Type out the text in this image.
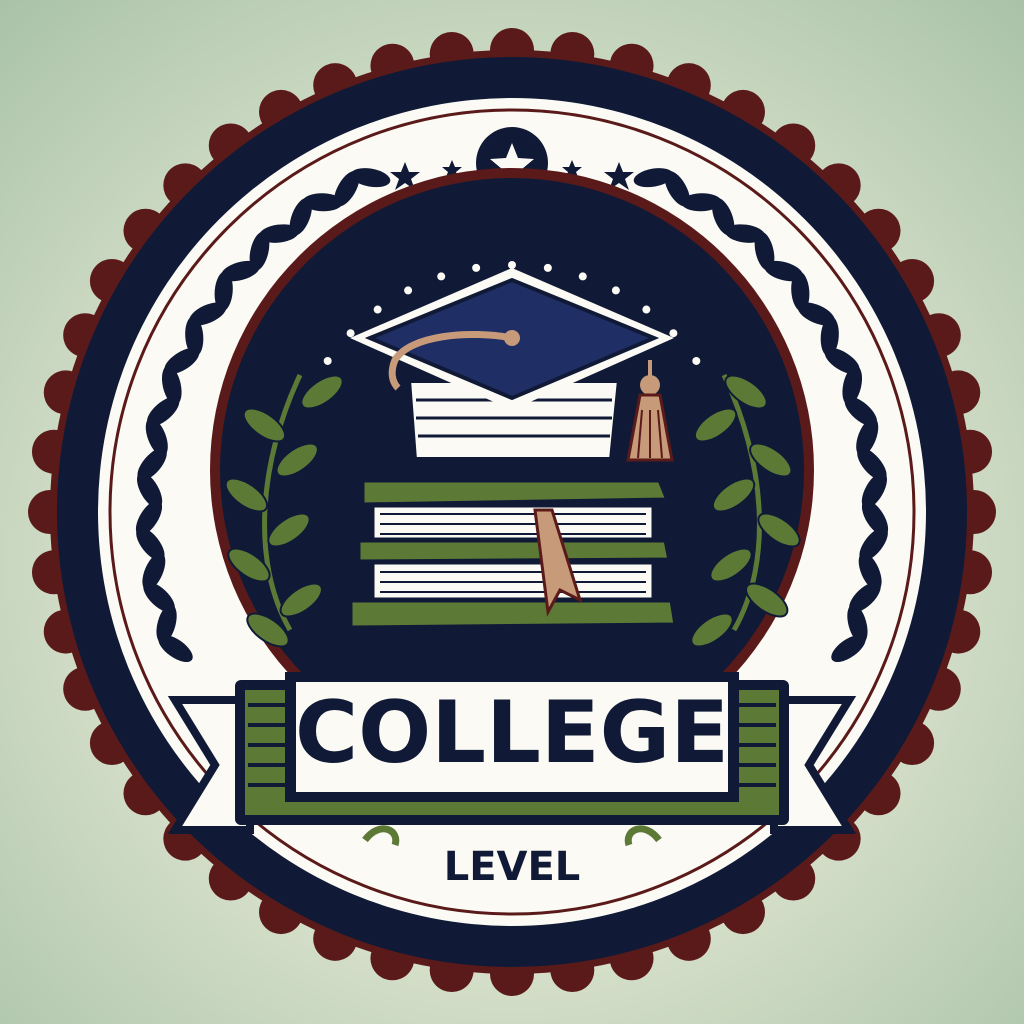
COLLEGE
LEVEL
